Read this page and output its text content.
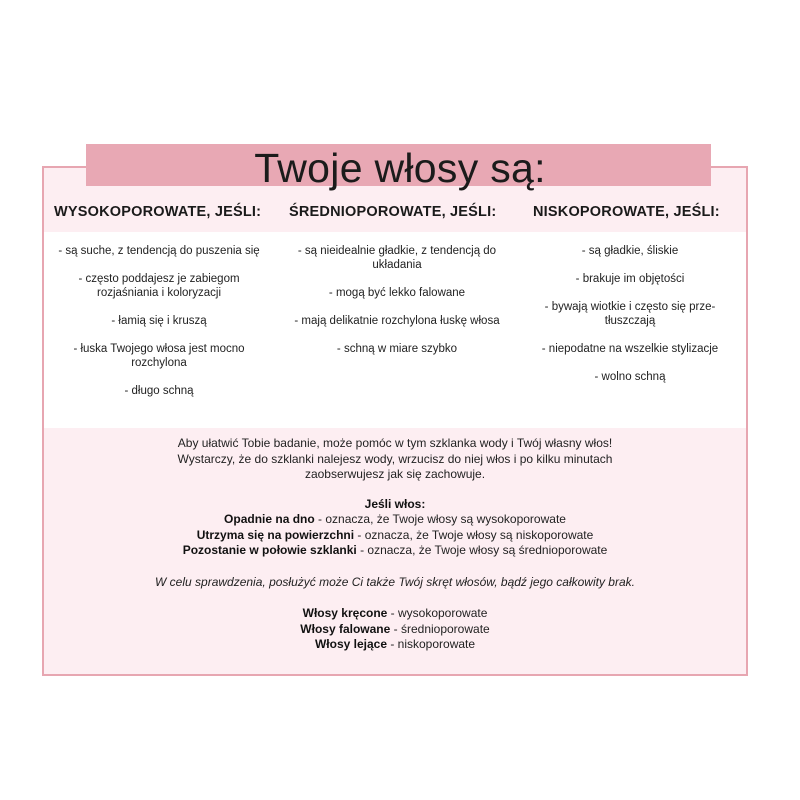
Twoje włosy są:
WYSOKOPOROWATE, JEŚLI: ŚREDNIOPOROWATE, JEŚLI:	NISKOPOROWATE, JEŚLI:
- są suche, z tendencją do puszenia się
- często poddajesz je zabiegom rozjaśniania i koloryzacji
- łamią się i kruszą
- łuska Twojego włosa jest mocno rozchylona
- długo schną
- są nieidealnie gładkie, z tendencją do układania
- mogą być lekko falowane
- mają delikatnie rozchylona łuskę włosa
- schną w miare szybko
- są gładkie, śliskie
- brakuje im objętości
- bywają wiotkie i często się prze-tłuszczają
- niepodatne na wszelkie stylizacje
- wolno schną

Aby ułatwić Tobie badanie, może pomóc w tym szklanka wody i Twój własny włos!

Wystarczy, że do szklanki nalejesz wody, wrzucisz do niej włos i po kilku minutach zaobserwujesz jak się zachowuje.

Jeśli włos:

Opadnie na dno - oznacza, że Twoje włosy są wysokoporowate

Utrzyma się na powierzchni - oznacza, że Twoje włosy są niskoporowate

Pozostanie w połowie szklanki - oznacza, że Twoje włosy są średnioporowate

W celu sprawdzenia, posłużyć może Ci także Twój skręt włosów, bądź jego całkowity brak.

Włosy kręcone - wysokoporowate

Włosy falowane - średnioporowate

Włosy lejące - niskoporowate
